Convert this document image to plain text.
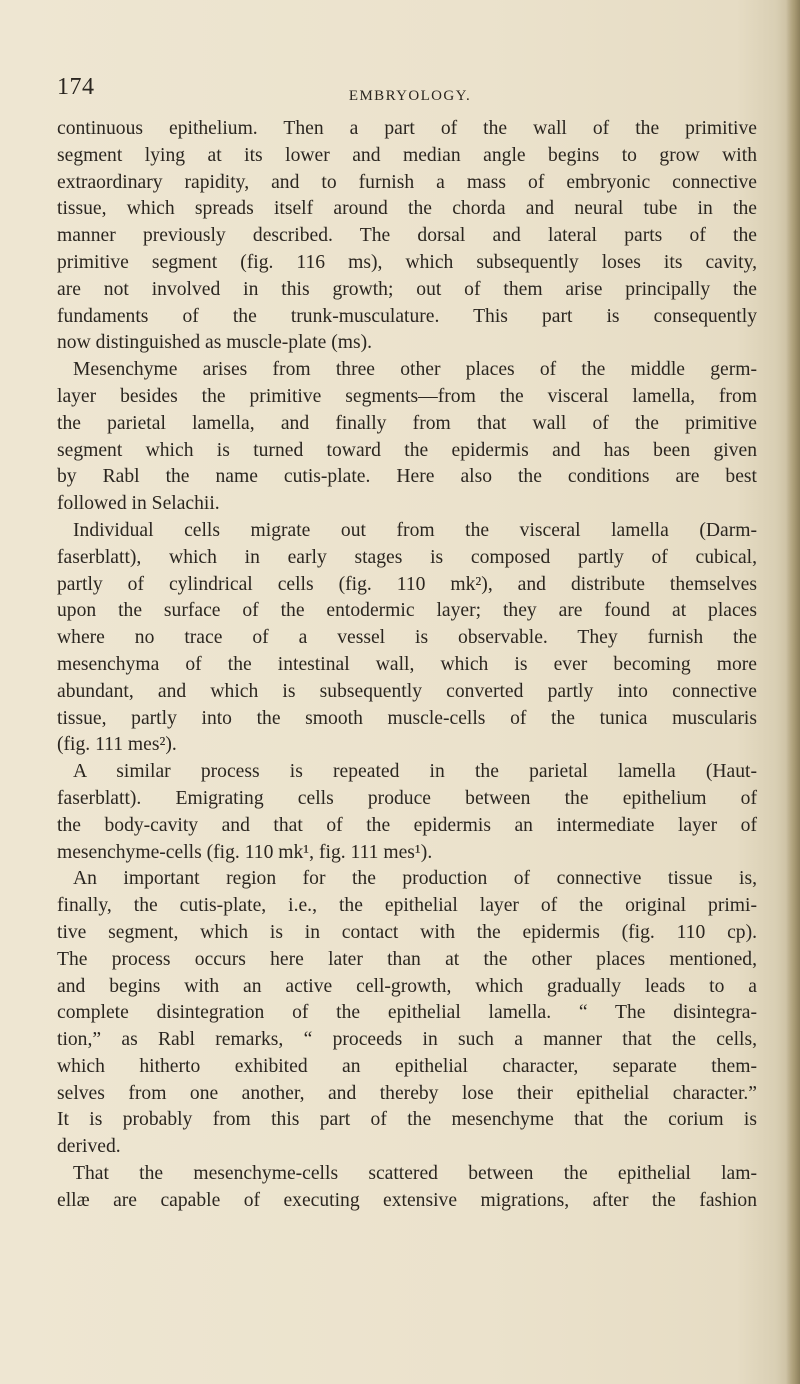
174	EMBRYOLOGY.
continuous epithelium. Then a part of the wall of the primitive
segment lying at its lower and median angle begins to grow with
extraordinary rapidity, and to furnish a mass of embryonic connective
tissue, which spreads itself around the chorda and neural tube in the
manner previously described. The dorsal and lateral parts of the
primitive segment (fig. 116 ms), which subsequently loses its cavity,
are not involved in this growth; out of them arise principally the
fundaments of the trunk-musculature. This part is consequently
now distinguished as muscle-plate (ms).
Mesenchyme arises from three other places of the middle germ-
layer besides the primitive segments—from the visceral lamella, from
the parietal lamella, and finally from that wall of the primitive
segment which is turned toward the epidermis and has been given
by Rabl the name cutis-plate. Here also the conditions are best
followed in Selachii.
Individual cells migrate out from the visceral lamella (Darm-
faserblatt), which in early stages is composed partly of cubical,
partly of cylindrical cells (fig. 110 mk²), and distribute themselves
upon the surface of the entodermic layer; they are found at places
where no trace of a vessel is observable. They furnish the
mesenchyma of the intestinal wall, which is ever becoming more
abundant, and which is subsequently converted partly into connective
tissue, partly into the smooth muscle-cells of the tunica muscularis
(fig. 111 mes²).
A similar process is repeated in the parietal lamella (Haut-
faserblatt). Emigrating cells produce between the epithelium of
the body-cavity and that of the epidermis an intermediate layer of
mesenchyme-cells (fig. 110 mk¹, fig. 111 mes¹).
An important region for the production of connective tissue is,
finally, the cutis-plate, i.e., the epithelial layer of the original primi-
tive segment, which is in contact with the epidermis (fig. 110 cp).
The process occurs here later than at the other places mentioned,
and begins with an active cell-growth, which gradually leads to a
complete disintegration of the epithelial lamella. “ The disintegra-
tion,” as Rabl remarks, “ proceeds in such a manner that the cells,
which hitherto exhibited an epithelial character, separate them-
selves from one another, and thereby lose their epithelial character.”
It is probably from this part of the mesenchyme that the corium is
derived.
That the mesenchyme-cells scattered between the epithelial lam-
ellæ are capable of executing extensive migrations, after the fashion
